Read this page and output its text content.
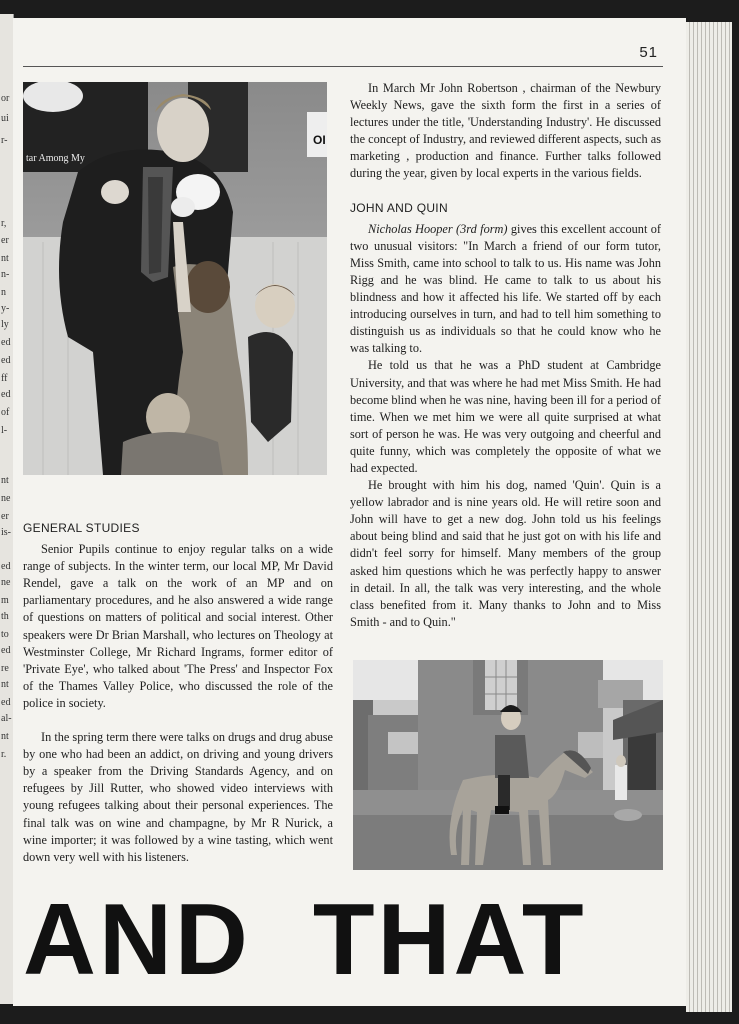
or
ui
r-
r,
er
nt
n-
n
y-
ly
ed
ed
ff
ed
of
l-
nt
ne
er
is-
ed
ne
m
th
to
ed
re
nt
ed
al-
nt
r.
51
tar Among My
OI
GENERAL STUDIES

Senior Pupils continue to enjoy regular talks on a wide range of subjects. In the winter term, our local MP, Mr David Rendel, gave a talk on the work of an MP and on parliamentary procedures, and he also answered a wide range of questions on matters of political and social interest. Other speakers were Dr Brian Marshall, who lectures on Theology at Westminster College, Mr Richard Ingrams, former editor of 'Private Eye', who talked about 'The Press' and Inspector Fox of the Thames Valley Police, who discussed the role of the police in society.

In the spring term there were talks on drugs and drug abuse by one who had been an addict, on driving and young drivers by a speaker from the Driving Standards Agency, and on refugees by Jill Rutter, who showed video interviews with young refugees talking about their personal experiences. The final talk was on wine and champagne, by Mr R Nurick, a wine importer; it was followed by a wine tasting, which went down very well with his listeners.

In March Mr John Robertson , chairman of the Newbury Weekly News, gave the sixth form the first in a series of lectures under the title, 'Understanding Industry'. He discussed the concept of Industry, and reviewed different aspects, such as marketing , production and finance. Further talks followed during the year, given by local experts in the various fields.

JOHN AND QUIN

Nicholas Hooper (3rd form) gives this excellent account of two unusual visitors: "In March a friend of our form tutor, Miss Smith, came into school to talk to us. His name was John Rigg and he was blind. He came to talk to us about his blindness and how it affected his life. We started off by each introducing ourselves in turn, and had to tell him something to distinguish us as individuals so that he could know who he was talking to.

He told us that he was a PhD student at Cambridge University, and that was where he had met Miss Smith. He had become blind when he was nine, having been ill for a period of time. When we met him we were all quite surprised at what sort of person he was. He was very outgoing and cheerful and quite funny, which was completely the opposite of what we had expected.

He brought with him his dog, named 'Quin'. Quin is a yellow labrador and is nine years old. He will retire soon and John will have to get a new dog. John told us his feelings about being blind and said that he just got on with his life and didn't feel sorry for himself. Many members of the group asked him questions which he was perfectly happy to answer in detail. In all, the talk was very interesting, and the whole class benefited from it. Many thanks to John and to Miss Smith - and to Quin."

AND THAT
